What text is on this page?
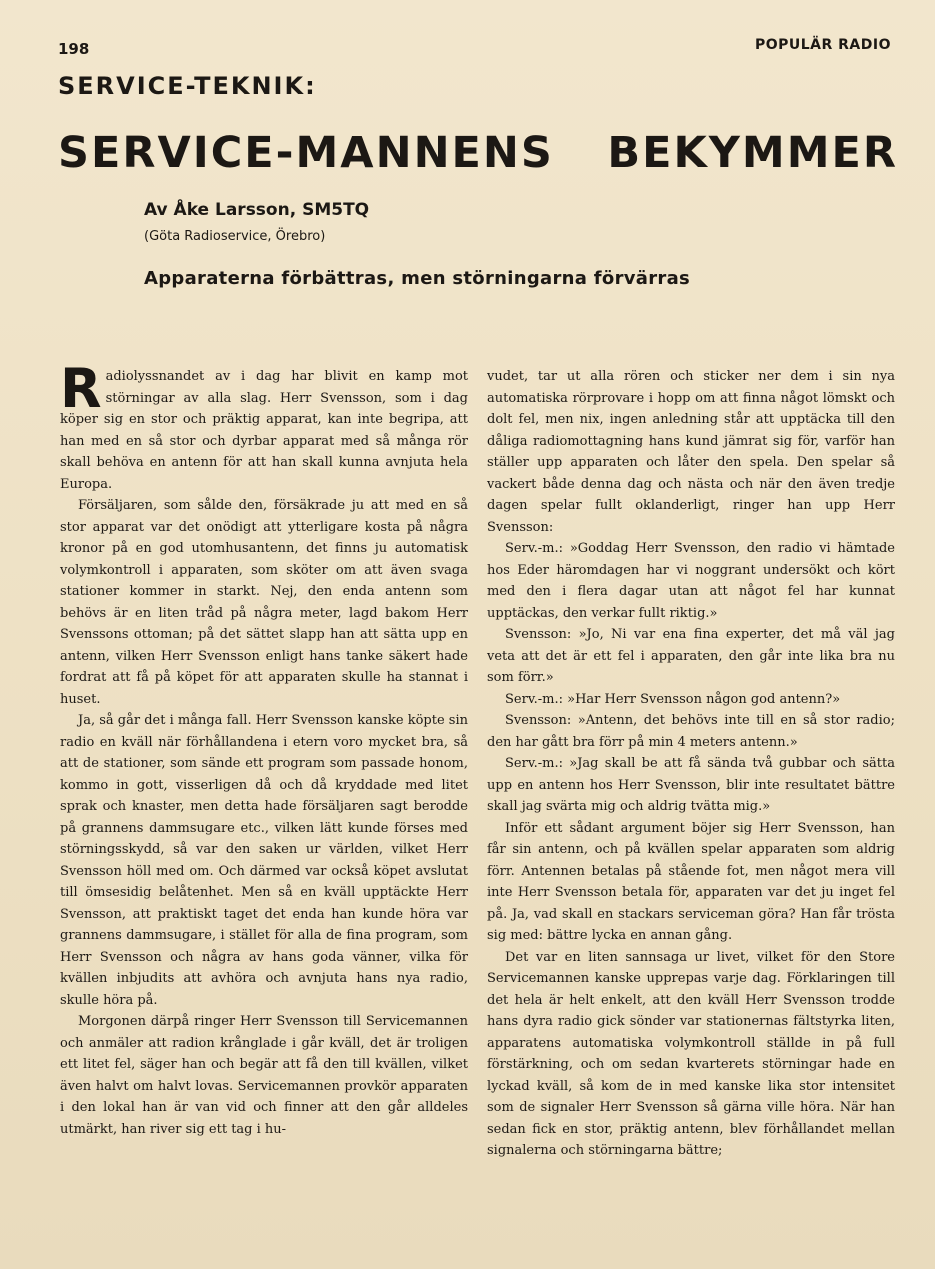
198	POPULÄR RADIO
SERVICE-TEKNIK:
SERVICE-MANNENS BEKYMMER
Av Åke Larsson, SM5TQ
(Göta Radioservice, Örebro)
Apparaterna förbättras, men störningarna förvärras

Radiolyssnandet av i dag har blivit en kamp mot störningar av alla slag. Herr Svensson, som i dag köper sig en stor och präktig apparat, kan inte begripa, att han med en så stor och dyrbar apparat med så många rör skall behöva en antenn för att han skall kunna avnjuta hela Europa.

Försäljaren, som sålde den, försäkrade ju att med en så stor apparat var det onödigt att ytterligare kosta på några kronor på en god utomhusantenn, det finns ju automatisk volymkontroll i apparaten, som sköter om att även svaga stationer kommer in starkt. Nej, den enda antenn som behövs är en liten tråd på några meter, lagd bakom Herr Svenssons ottoman; på det sättet slapp han att sätta upp en antenn, vilken Herr Svensson enligt hans tanke säkert hade fordrat att få på köpet för att apparaten skulle ha stannat i huset.

Ja, så går det i många fall. Herr Svensson kanske köpte sin radio en kväll när förhållandena i etern voro mycket bra, så att de stationer, som sände ett program som passade honom, kommo in gott, visserligen då och då kryddade med litet sprak och knaster, men detta hade försäljaren sagt berodde på grannens dammsugare etc., vilken lätt kunde förses med störningsskydd, så var den saken ur världen, vilket Herr Svensson höll med om. Och därmed var också köpet avslutat till ömsesidig belåtenhet. Men så en kväll upptäckte Herr Svensson, att praktiskt taget det enda han kunde höra var grannens dammsugare, i stället för alla de fina program, som Herr Svensson och några av hans goda vänner, vilka för kvällen inbjudits att avhöra och avnjuta hans nya radio, skulle höra på.

Morgonen därpå ringer Herr Svensson till Servicemannen och anmäler att radion krånglade i går kväll, det är troligen ett litet fel, säger han och begär att få den till kvällen, vilket även halvt om halvt lovas. Servicemannen provkör apparaten i den lokal han är van vid och finner att den går alldeles utmärkt, han river sig ett tag i hu-

vudet, tar ut alla rören och sticker ner dem i sin nya automatiska rörprovare i hopp om att finna något lömskt och dolt fel, men nix, ingen anledning står att upptäcka till den dåliga radiomottagning hans kund jämrat sig för, varför han ställer upp apparaten och låter den spela. Den spelar så vackert både denna dag och nästa och när den även tredje dagen spelar fullt oklanderligt, ringer han upp Herr Svensson:

Serv.-m.: »Goddag Herr Svensson, den radio vi hämtade hos Eder häromdagen har vi noggrant undersökt och kört med den i flera dagar utan att något fel har kunnat upptäckas, den verkar fullt riktig.»

Svensson: »Jo, Ni var ena fina experter, det må väl jag veta att det är ett fel i apparaten, den går inte lika bra nu som förr.»

Serv.-m.: »Har Herr Svensson någon god antenn?»

Svensson: »Antenn, det behövs inte till en så stor radio; den har gått bra förr på min 4 meters antenn.»

Serv.-m.: »Jag skall be att få sända två gubbar och sätta upp en antenn hos Herr Svensson, blir inte resultatet bättre skall jag svärta mig och aldrig tvätta mig.»

Inför ett sådant argument böjer sig Herr Svensson, han får sin antenn, och på kvällen spelar apparaten som aldrig förr. Antennen betalas på stående fot, men något mera vill inte Herr Svensson betala för, apparaten var det ju inget fel på. Ja, vad skall en stackars serviceman göra? Han får trösta sig med: bättre lycka en annan gång.

Det var en liten sannsaga ur livet, vilket för den Store Servicemannen kanske upprepas varje dag. Förklaringen till det hela är helt enkelt, att den kväll Herr Svensson trodde hans dyra radio gick sönder var stationernas fältstyrka liten, apparatens automatiska volymkontroll ställde in på full förstärkning, och om sedan kvarterets störningar hade en lyckad kväll, så kom de in med kanske lika stor intensitet som de signaler Herr Svensson så gärna ville höra. När han sedan fick en stor, präktig antenn, blev förhållandet mellan signalerna och störningarna bättre;
